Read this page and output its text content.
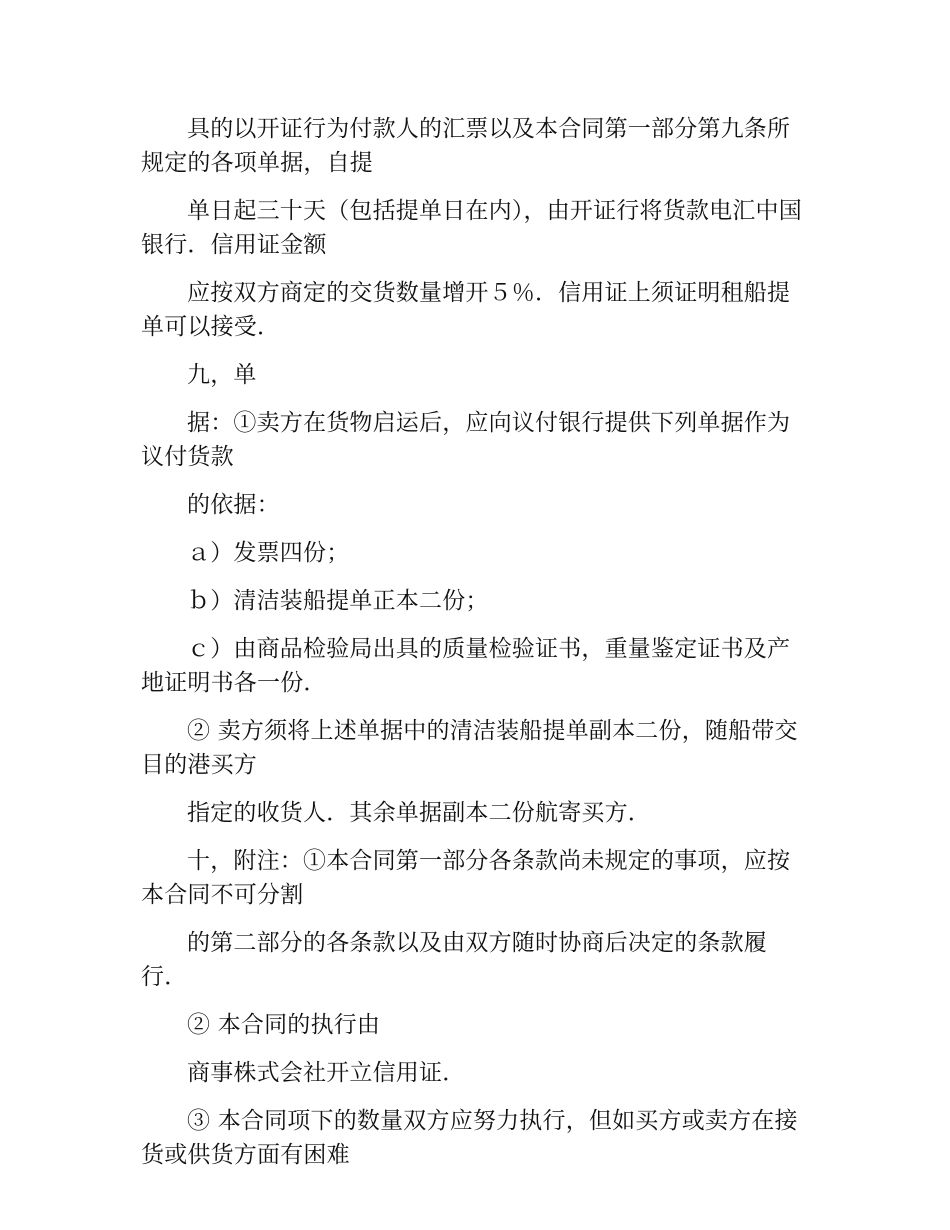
具的以开证行为付款人的汇票以及本合同第一部分第九条所规定的各项单据，自提

单日起三十天（包括提单日在内），由开证行将货款电汇中国银行．信用证金额

应按双方商定的交货数量增开５％．信用证上须证明租船提单可以接受．

九，单

据：①卖方在货物启运后，应向议付银行提供下列单据作为议付货款

的依据：

ａ）发票四份；

ｂ）清洁装船提单正本二份；

ｃ）由商品检验局出具的质量检验证书，重量鉴定证书及产地证明书各一份．

② 卖方须将上述单据中的清洁装船提单副本二份，随船带交目的港买方

指定的收货人．其余单据副本二份航寄买方．

十，附注：①本合同第一部分各条款尚未规定的事项，应按本合同不可分割

的第二部分的各条款以及由双方随时协商后决定的条款履行．

② 本合同的执行由

商事株式会社开立信用证．

③ 本合同项下的数量双方应努力执行，但如买方或卖方在接货或供货方面有困难
